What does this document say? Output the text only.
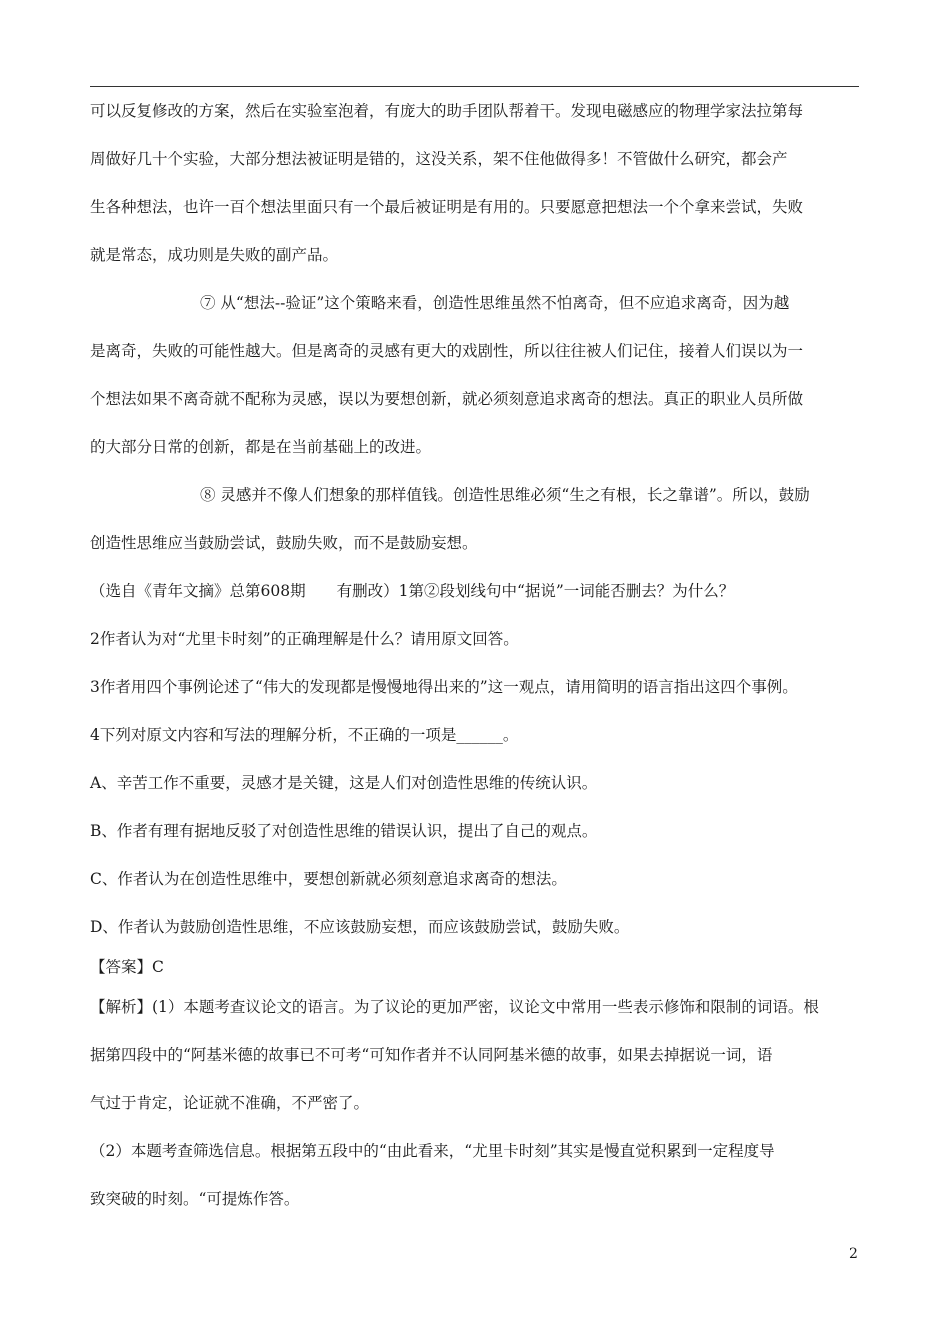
可以反复修改的方案，然后在实验室泡着，有庞大的助手团队帮着干。发现电磁感应的物理学家法拉第每
周做好几十个实验，大部分想法被证明是错的，这没关系，架不住他做得多！不管做什么研究，都会产
生各种想法，也许一百个想法里面只有一个最后被证明是有用的。只要愿意把想法一个个拿来尝试，失败
就是常态，成功则是失败的副产品。
⑦ 从“想法--验证”这个策略来看，创造性思维虽然不怕离奇，但不应追求离奇，因为越
是离奇，失败的可能性越大。但是离奇的灵感有更大的戏剧性，所以往往被人们记住，接着人们误以为一
个想法如果不离奇就不配称为灵感，误以为要想创新，就必须刻意追求离奇的想法。真正的职业人员所做
的大部分日常的创新，都是在当前基础上的改进。
⑧ 灵感并不像人们想象的那样值钱。创造性思维必须“生之有根，长之靠谱”。所以，鼓励
创造性思维应当鼓励尝试，鼓励失败，而不是鼓励妄想。
（选自《青年文摘》总第608期　　有删改）1第②段划线句中“据说”一词能否删去？为什么？
2作者认为对“尤里卡时刻”的正确理解是什么？请用原文回答。
3作者用四个事例论述了“伟大的发现都是慢慢地得出来的”这一观点，请用简明的语言指出这四个事例。
4下列对原文内容和写法的理解分析，不正确的一项是______。
A、辛苦工作不重要，灵感才是关键，这是人们对创造性思维的传统认识。
B、作者有理有据地反驳了对创造性思维的错误认识，提出了自己的观点。
C、作者认为在创造性思维中，要想创新就必须刻意追求离奇的想法。
D、作者认为鼓励创造性思维，不应该鼓励妄想，而应该鼓励尝试，鼓励失败。
【答案】C
【解析】(1）本题考查议论文的语言。为了议论的更加严密，议论文中常用一些表示修饰和限制的词语。根
据第四段中的“阿基米德的故事已不可考“可知作者并不认同阿基米德的故事，如果去掉据说一词，语
气过于肯定，论证就不准确，不严密了。
（2）本题考查筛选信息。根据第五段中的“由此看来，“尤里卡时刻”其实是慢直觉积累到一定程度导
致突破的时刻。“可提炼作答。
2
